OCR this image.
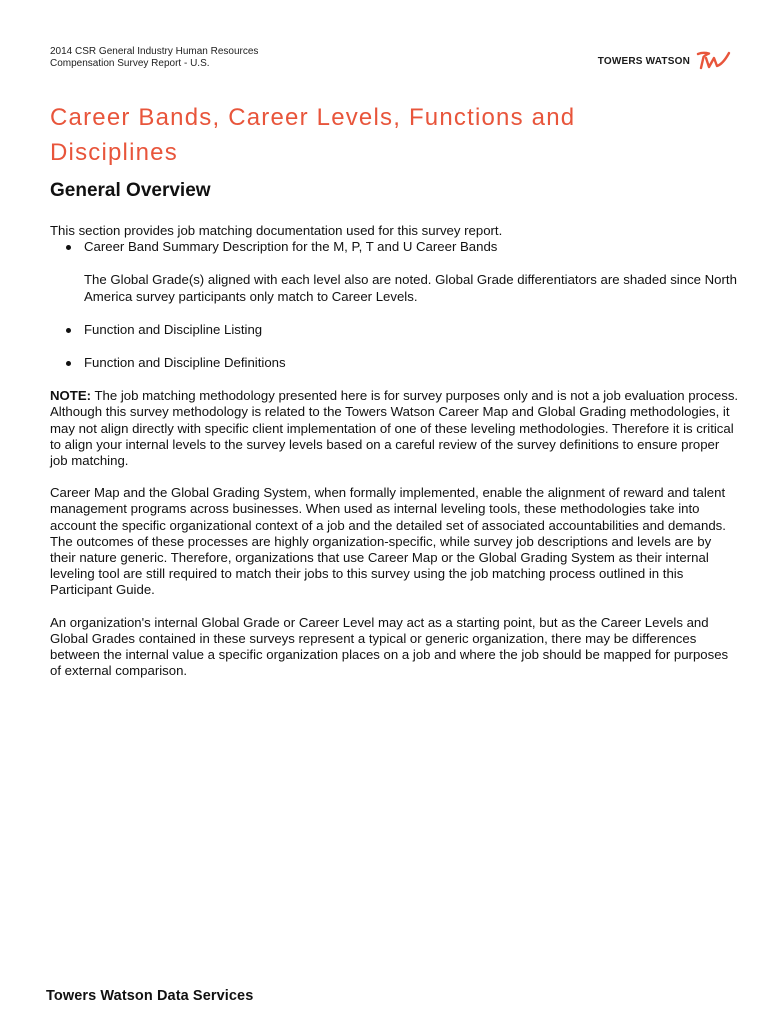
2014 CSR General Industry Human Resources
Compensation Survey Report - U.S.	TOWERS WATSON
Career Bands, Career Levels, Functions and Disciplines
General Overview

This section provides job matching documentation used for this survey report.

Career Band Summary Description for the M, P, T and U Career Bands

The Global Grade(s) aligned with each level also are noted. Global Grade differentiators are shaded since North America survey participants only match to Career Levels.

Function and Discipline Listing

Function and Discipline Definitions

NOTE: The job matching methodology presented here is for survey purposes only and is not a job evaluation process. Although this survey methodology is related to the Towers Watson Career Map and Global Grading methodologies, it may not align directly with specific client implementation of one of these leveling methodologies. Therefore it is critical to align your internal levels to the survey levels based on a careful review of the survey definitions to ensure proper job matching.

Career Map and the Global Grading System, when formally implemented, enable the alignment of reward and talent management programs across businesses. When used as internal leveling tools, these methodologies take into account the specific organizational context of a job and the detailed set of associated accountabilities and demands. The outcomes of these processes are highly organization-specific, while survey job descriptions and levels are by their nature generic. Therefore, organizations that use Career Map or the Global Grading System as their internal leveling tool are still required to match their jobs to this survey using the job matching process outlined in this Participant Guide.

An organization's internal Global Grade or Career Level may act as a starting point, but as the Career Levels and Global Grades contained in these surveys represent a typical or generic organization, there may be differences between the internal value a specific organization places on a job and where the job should be mapped for purposes of external comparison.

Towers Watson Data Services
